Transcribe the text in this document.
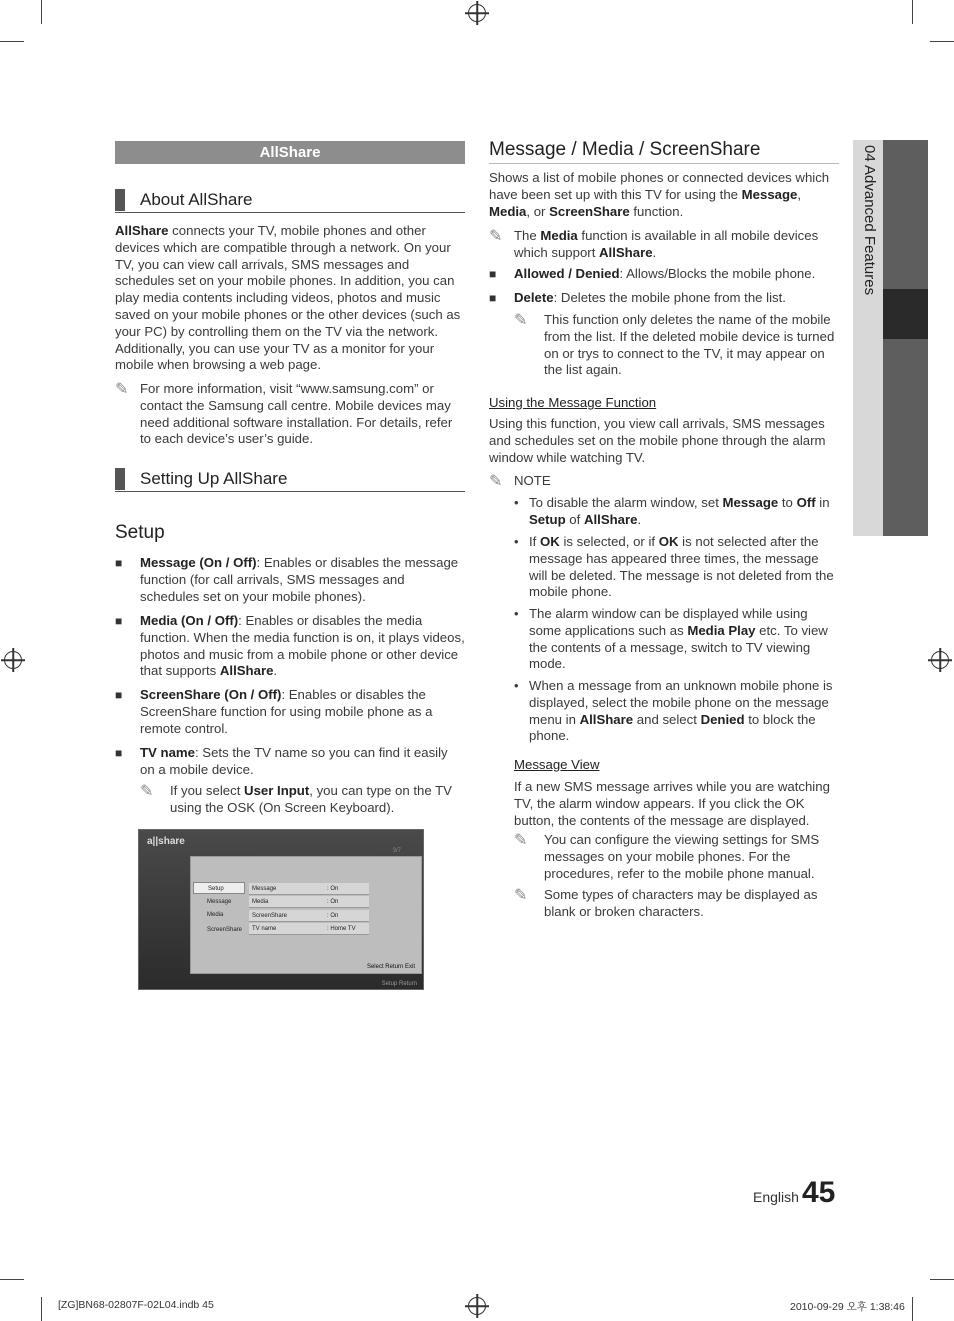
AllShare
About AllShare

AllShare connects your TV, mobile phones and other devices which are compatible through a network. On your TV, you can view call arrivals, SMS messages and schedules set on your mobile phones. In addition, you can play media contents including videos, photos and music saved on your mobile phones or the other devices (such as your PC) by controlling them on the TV via the network. Additionally, you can use your TV as a monitor for your mobile when browsing a web page.

✎ For more information, visit “www.samsung.com” or contact the Samsung call centre. Mobile devices may need additional software installation. For details, refer to each device’s user’s guide.

Setting Up AllShare
Setup
■ Message (On / Off): Enables or disables the message function (for call arrivals, SMS messages and schedules set on your mobile phones).

■ Media (On / Off): Enables or disables the media function. When the media function is on, it plays videos, photos and music from a mobile phone or other device that supports AllShare.

■ ScreenShare (On / Off): Enables or disables the ScreenShare function for using mobile phone as a remote control.

■ TV name: Sets the TV name so you can find it easily on a mobile device.

✎ If you select User Input, you can type on the TV using the OSK (On Screen Keyboard).

a||share
3/7
Setup
Message
Media
ScreenShare
Message	: On
Media	: On
ScreenShare	: On
TV name	: Home TV
Select Return Exit
Setup Return
Message / Media / ScreenShare

Shows a list of mobile phones or connected devices which have been set up with this TV for using the Message, Media, or ScreenShare function.

✎ The Media function is available in all mobile devices which support AllShare.

■ Allowed / Denied: Allows/Blocks the mobile phone.

■ Delete: Deletes the mobile phone from the list.

✎ This function only deletes the name of the mobile from the list. If the deleted mobile device is turned on or trys to connect to the TV, it may appear on the list again.

Using the Message Function

Using this function, you view call arrivals, SMS messages and schedules set on the mobile phone through the alarm window while watching TV.

✎ NOTE

• To disable the alarm window, set Message to Off in Setup of AllShare.

• If OK is selected, or if OK is not selected after the message has appeared three times, the message will be deleted. The message is not deleted from the mobile phone.

• The alarm window can be displayed while using some applications such as Media Play etc. To view the contents of a message, switch to TV viewing mode.

• When a message from an unknown mobile phone is displayed, select the mobile phone on the message menu in AllShare and select Denied to block the phone.

Message View

If a new SMS message arrives while you are watching TV, the alarm window appears. If you click the OK button, the contents of the message are displayed.

✎ You can configure the viewing settings for SMS messages on your mobile phones. For the procedures, refer to the mobile phone manual.

✎ Some types of characters may be displayed as blank or broken characters.

04 Advanced Features
English 45
[ZG]BN68-02807F-02L04.indb 45	2010-09-29 오후 1:38:46
